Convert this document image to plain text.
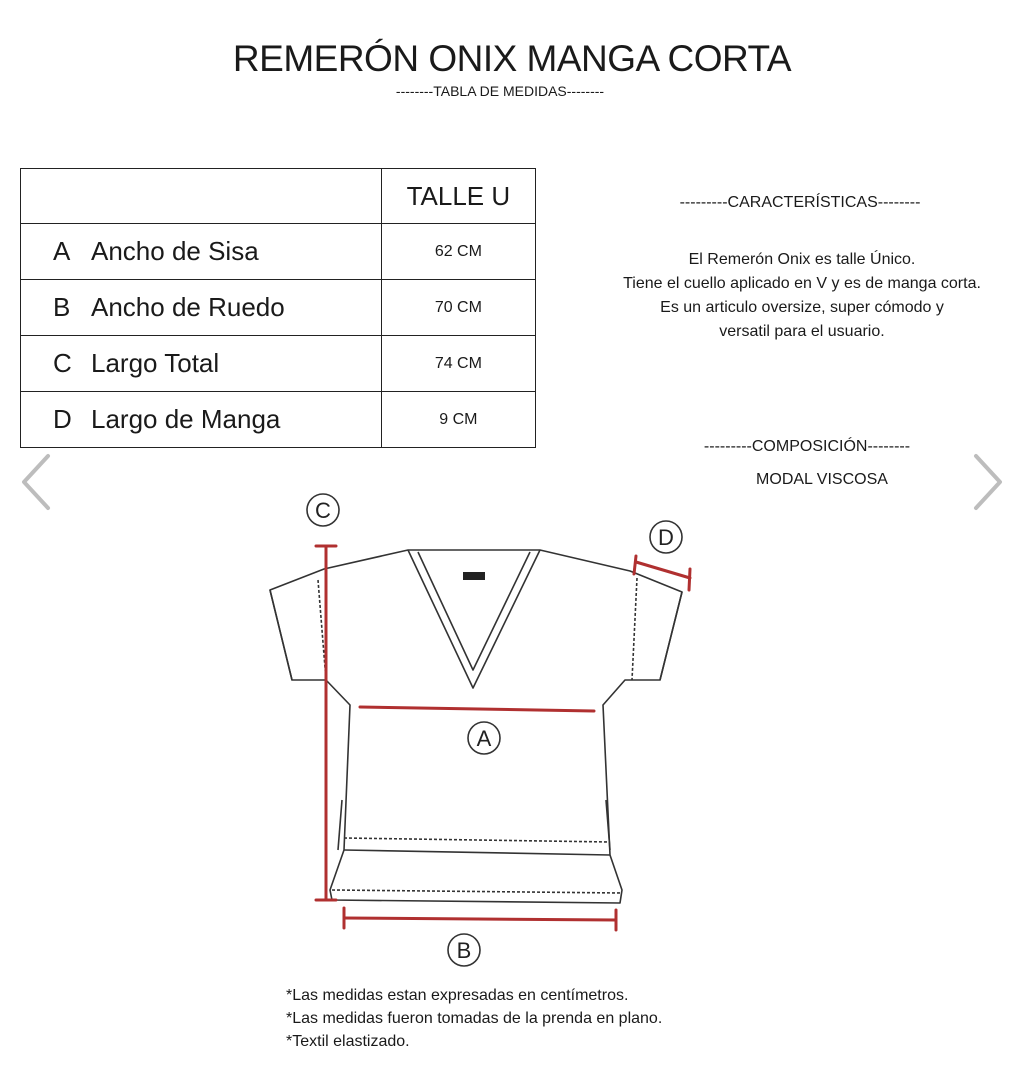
REMERÓN ONIX MANGA CORTA
--------TABLA DE MEDIDAS--------
	TALLE U
A Ancho de Sisa	62 CM
B Ancho de Ruedo	70 CM
C Largo Total	74 CM
D Largo de Manga	9 CM
---------CARACTERÍSTICAS--------
El Remerón Onix es talle Único.
Tiene el cuello aplicado en V y es de manga corta.
Es un articulo oversize, super cómodo y
versatil para el usuario.
---------COMPOSICIÓN--------
MODAL VISCOSA
C
A
B
D
*Las medidas estan expresadas en centímetros.
*Las medidas fueron tomadas de la prenda en plano.
*Textil elastizado.
